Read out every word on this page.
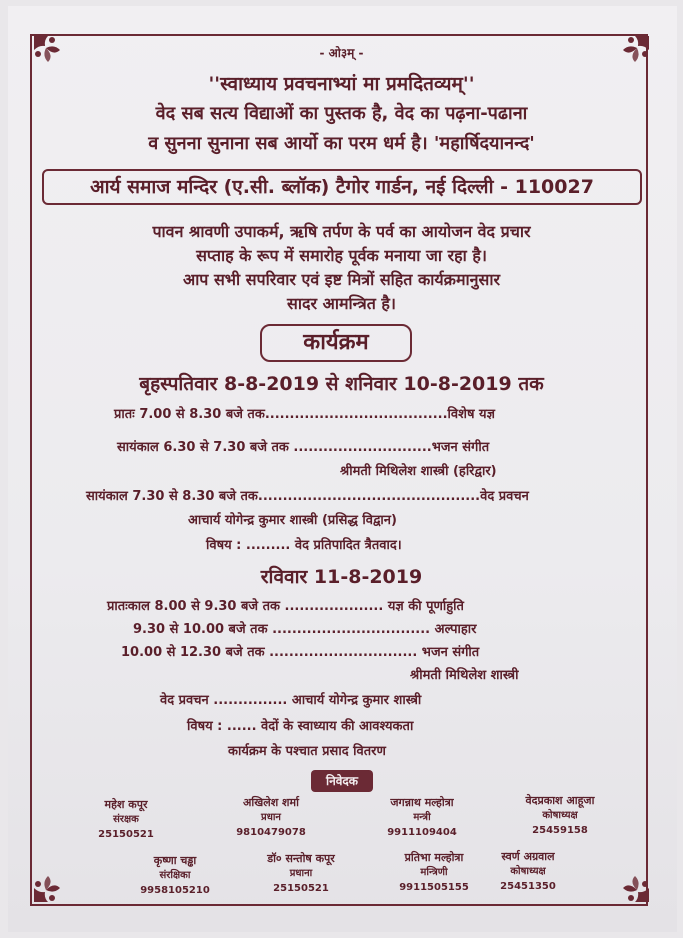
- ओ३म् -
''स्वाध्याय प्रवचनाभ्यां मा प्रमदितव्यम्''
वेद सब सत्य विद्याओं का पुस्तक है, वेद का पढ़ना-पढाना
व सुनना सुनाना सब आर्यो का परम धर्म है। 'महार्षिदयानन्द'
आर्य समाज मन्दिर (ए.सी. ब्लॉक) टैगोर गार्डन, नई दिल्ली - 110027
पावन श्रावणी उपाकर्म, ऋषि तर्पण के पर्व का आयोजन वेद प्रचार
सप्ताह के रूप में समारोह पूर्वक मनाया जा रहा है।
आप सभी सपरिवार एवं इष्ट मित्रों सहित कार्यक्रमानुसार
सादर आमन्त्रित है।
कार्यक्रम
बृहस्पतिवार 8-8-2019 से शनिवार 10-8-2019 तक
प्रातः 7.00 से 8.30 बजे तक.....................................विशेष यज्ञ
सायंकाल 6.30 से 7.30 बजे तक ............................भजन संगीत
श्रीमती मिथिलेश शास्त्री (हरिद्वार)
सायंकाल 7.30 से 8.30 बजे तक.............................................वेद प्रवचन
आचार्य योगेन्द्र कुमार शास्त्री (प्रसिद्ध विद्वान)
विषय : ......... वेद प्रतिपादित त्रैतवाद।
रविवार 11-8-2019
प्रातःकाल 8.00 से 9.30 बजे तक .................... यज्ञ की पूर्णाहुति
9.30 से 10.00 बजे तक ................................ अल्पाहार
10.00 से 12.30 बजे तक .............................. भजन संगीत
श्रीमती मिथिलेश शास्त्री
वेद प्रवचन ............... आचार्य योगेन्द्र कुमार शास्त्री
विषय : ...... वेदों के स्वाध्याय की आवश्यकता
कार्यक्रम के पश्चात प्रसाद वितरण
निवेदक
महेश कपूर
संरक्षक
25150521
अखिलेश शर्मा
प्रधान
9810479078
जगन्नाथ मल्होत्रा
मन्त्री
9911109404
वेदप्रकाश आहूजा
कोषाध्यक्ष
25459158
कृष्णा चड्ढा
संरक्षिका
9958105210
डॉ० सन्तोष कपूर
प्रधाना
25150521
प्रतिभा मल्होत्रा
मन्त्रिणी
9911505155
स्वर्ण अग्रवाल
कोषाध्यक्ष
25451350
